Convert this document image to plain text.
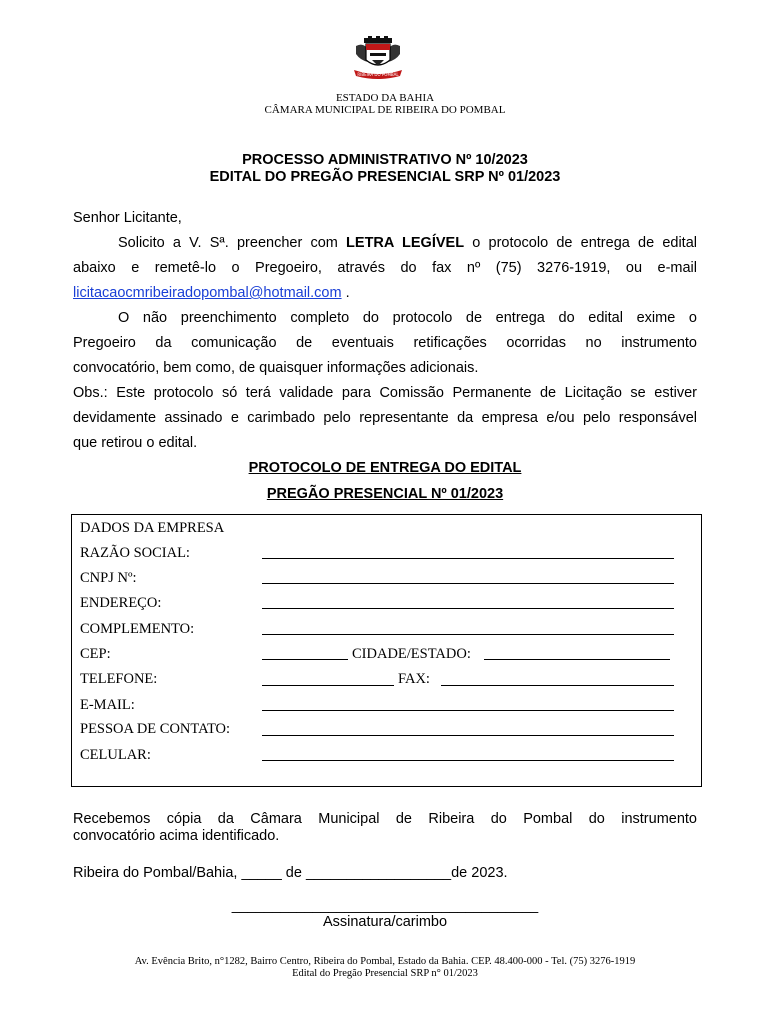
RIBEIRA DO POMBAL
ESTADO DA BAHIA
CÂMARA MUNICIPAL DE RIBEIRA DO POMBAL
PROCESSO ADMINISTRATIVO Nº 10/2023
EDITAL DO PREGÃO PRESENCIAL SRP Nº 01/2023
Senhor Licitante,
Solicito a V. Sª. preencher com LETRA LEGÍVEL o protocolo de entrega de edital
abaixo e remetê-lo o Pregoeiro, através do fax nº (75) 3276-1919, ou e-mail
licitacaocmribeiradopombal@hotmail.com .
O não preenchimento completo do protocolo de entrega do edital exime o
Pregoeiro da comunicação de eventuais retificações ocorridas no instrumento
convocatório, bem como, de quaisquer informações adicionais.
Obs.: Este protocolo só terá validade para Comissão Permanente de Licitação se estiver
devidamente assinado e carimbado pelo representante da empresa e/ou pelo responsável
que retirou o edital.
PROTOCOLO DE ENTREGA DO EDITAL
PREGÃO PRESENCIAL Nº 01/2023
DADOS DA EMPRESA
RAZÃO SOCIAL:
CNPJ Nº:
ENDEREÇO:
COMPLEMENTO:
CEP:	CIDADE/ESTADO:
TELEFONE:	FAX:
E-MAIL:
PESSOA DE CONTATO:
CELULAR:
Recebemos cópia da Câmara Municipal de Ribeira do Pombal do instrumento
convocatório acima identificado.
Ribeira do Pombal/Bahia, _____ de __________________de 2023.
______________________________________
Assinatura/carimbo
Av. Evência Brito, n°1282, Bairro Centro, Ribeira do Pombal, Estado da Bahia. CEP. 48.400-000 - Tel. (75) 3276-1919
Edital do Pregão Presencial SRP n° 01/2023
